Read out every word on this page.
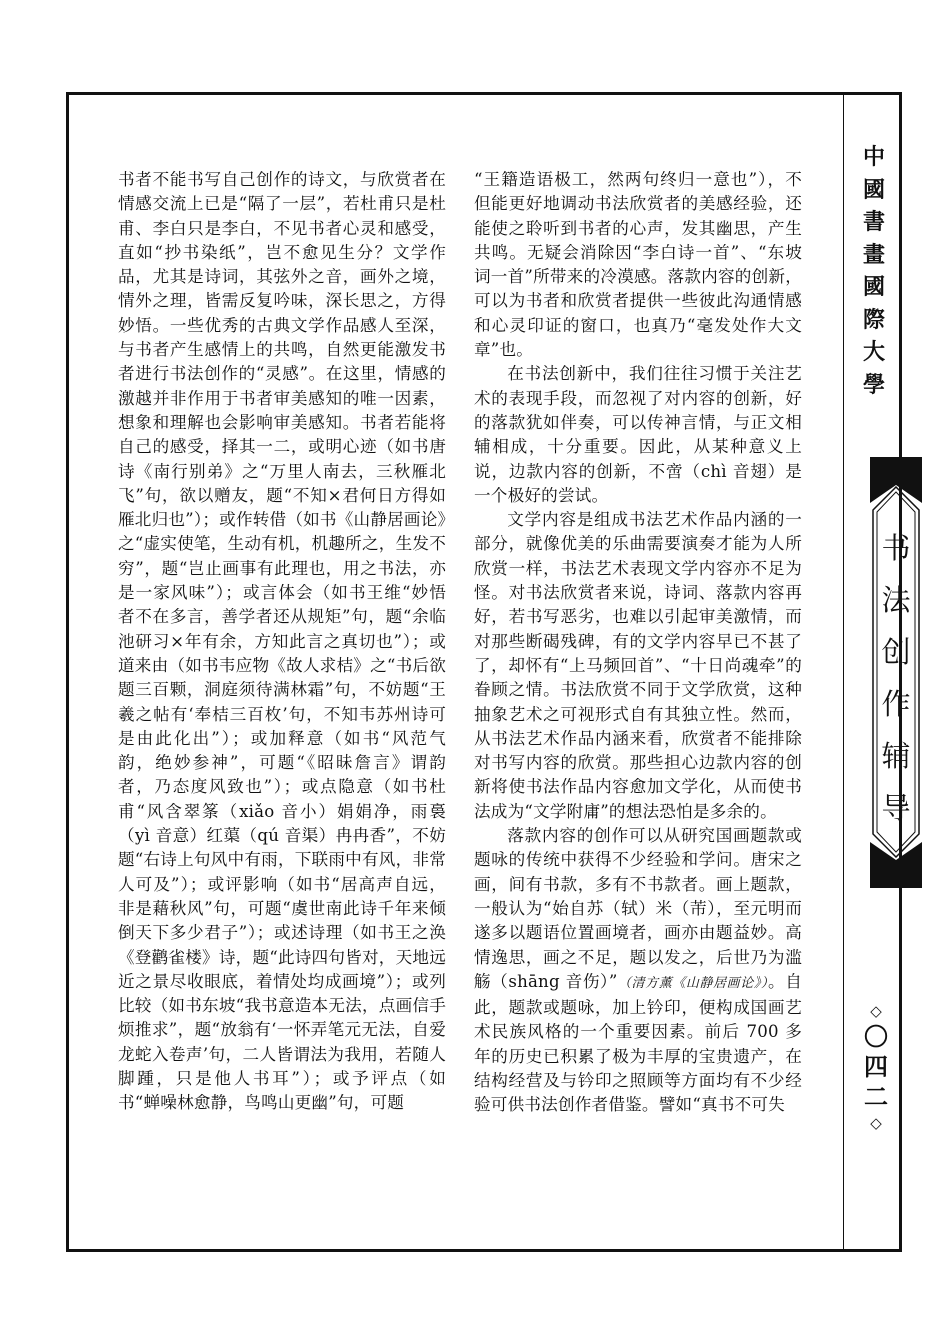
书者不能书写自己创作的诗文，与欣赏者在情感交流上已是“隔了一层”，若杜甫只是杜甫、李白只是李白，不见书者心灵和感受，直如“抄书染纸”，岂不愈见生分？文学作品，尤其是诗词，其弦外之音，画外之境，情外之理，皆需反复吟味，深长思之，方得妙悟。一些优秀的古典文学作品感人至深，与书者产生感情上的共鸣，自然更能激发书者进行书法创作的“灵感”。在这里，情感的激越并非作用于书者审美感知的唯一因素，想象和理解也会影响审美感知。书者若能将自己的感受，择其一二，或明心迹（如书唐诗《南行别弟》之“万里人南去，三秋雁北飞”句，欲以赠友，题“不知×君何日方得如雁北归也”）；或作转借（如书《山静居画论》之“虚实使笔，生动有机，机趣所之，生发不穷”，题“岂止画事有此理也，用之书法，亦是一家风味”）；或言体会（如书王维“妙悟者不在多言，善学者还从规矩”句，题“余临池研习×年有余，方知此言之真切也”）；或道来由（如书韦应物《故人求桔》之“书后欲题三百颗，洞庭须待满林霜”句，不妨题“王羲之帖有‘奉桔三百枚’句，不知韦苏州诗可是由此化出”）；或加释意（如书“风范气韵，绝妙参神”，可题“《昭昧詹言》谓韵者，乃态度风致也”）；或点隐意（如书杜甫“风含翠筿（xiǎo 音小）娟娟净，雨裛（yì 音意）红蕖（qú 音渠）冉冉香”，不妨题“右诗上句风中有雨，下联雨中有风，非常人可及”）；或评影响（如书“居高声自远，非是藉秋风”句，可题“虞世南此诗千年来倾倒天下多少君子”）；或述诗理（如书王之涣《登鹳雀楼》诗，题“此诗四句皆对，天地远近之景尽收眼底，着情处均成画境”）；或列比较（如书东坡“我书意造本无法，点画信手烦推求”，题“放翁有‘一怀弄笔元无法，自爱龙蛇入卷声’句，二人皆谓法为我用，若随人脚踵，只是他人书耳”）；或予评点（如书“蝉噪林愈静，鸟鸣山更幽”句，可题

“王籍造语极工，然两句终归一意也”），不但能更好地调动书法欣赏者的美感经验，还能使之聆听到书者的心声，发其幽思，产生共鸣。无疑会消除因“李白诗一首”、“东坡词一首”所带来的冷漠感。落款内容的创新，可以为书者和欣赏者提供一些彼此沟通情感和心灵印证的窗口，也真乃“毫发处作大文章”也。

在书法创新中，我们往往习惯于关注艺术的表现手段，而忽视了对内容的创新，好的落款犹如伴奏，可以传神言情，与正文相辅相成，十分重要。因此，从某种意义上说，边款内容的创新，不啻（chì 音翅）是一个极好的尝试。

文学内容是组成书法艺术作品内涵的一部分，就像优美的乐曲需要演奏才能为人所欣赏一样，书法艺术表现文学内容亦不足为怪。对书法欣赏者来说，诗词、落款内容再好，若书写恶劣，也难以引起审美激情，而对那些断碣残碑，有的文学内容早已不甚了了，却怀有“上马频回首”、“十日尚魂牵”的眷顾之情。书法欣赏不同于文学欣赏，这种抽象艺术之可视形式自有其独立性。然而，从书法艺术作品内涵来看，欣赏者不能排除对书写内容的欣赏。那些担心边款内容的创新将使书法作品内容愈加文学化，从而使书法成为“文学附庸”的想法恐怕是多余的。

落款内容的创作可以从研究国画题款或题咏的传统中获得不少经验和学问。唐宋之画，间有书款，多有不书款者。画上题款，一般认为“始自苏（轼）米（芾），至元明而遂多以题语位置画境者，画亦由题益妙。高情逸思，画之不足，题以发之，后世乃为滥觞（shāng 音伤）”（清方薰《山静居画论》）。自此，题款或题咏，加上钤印，便构成国画艺术民族风格的一个重要因素。前后 700 多年的历史已积累了极为丰厚的宝贵遗产，在结构经营及与钤印之照顾等方面均有不少经验可供书法创作者借鉴。譬如“真书不可失

中
國
書
畫
國
際
大
學
书
法
创
作
辅
导
◇
〇
四
二
◇
